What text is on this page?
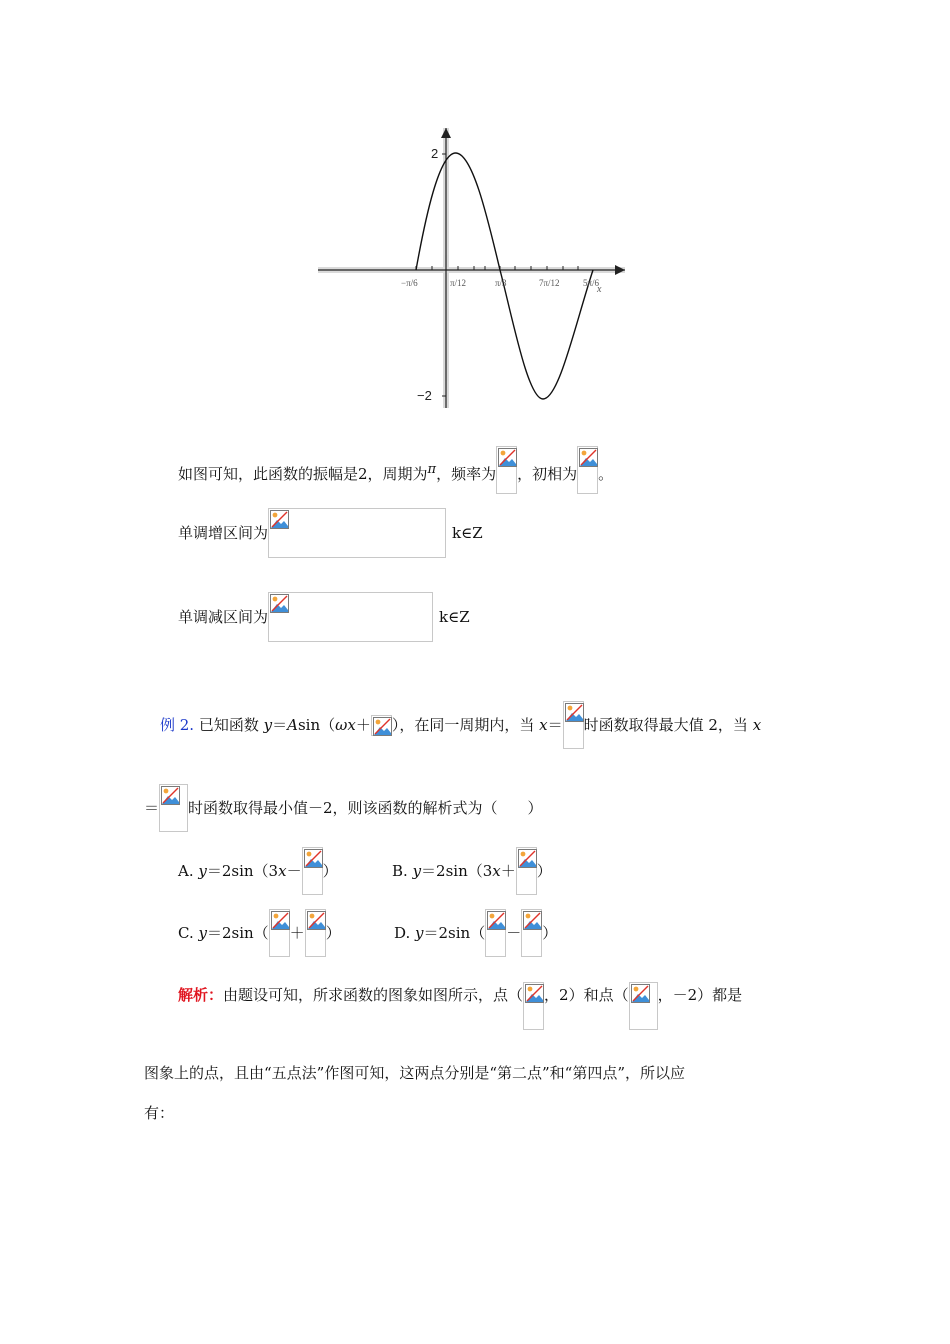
2
−2
−π/6	π/12	π/3	7π/12	5π/6
x
如图可知，此函数的振幅是2，周期为π，频率为 ，初相为 。
单调增区间为	k∈Z
单调减区间为	k∈Z
例 2. 已知函数 y＝Asin（ωx＋ ），在同一周期内，当 x＝ 时函数取得最大值 2，当 x
＝ 时函数取得最小值－2，则该函数的解析式为（　　）
A. y＝2sin（3x－ ）	B. y＝2sin（3x＋ ）
C. y＝2sin（ ＋ ）	D. y＝2sin（ － ）
解析：由题设可知，所求函数的图象如图所示，点（ ，2）和点（ ，－2）都是
图象上的点，且由“五点法”作图可知，这两点分别是“第二点”和“第四点”，所以应
有：
